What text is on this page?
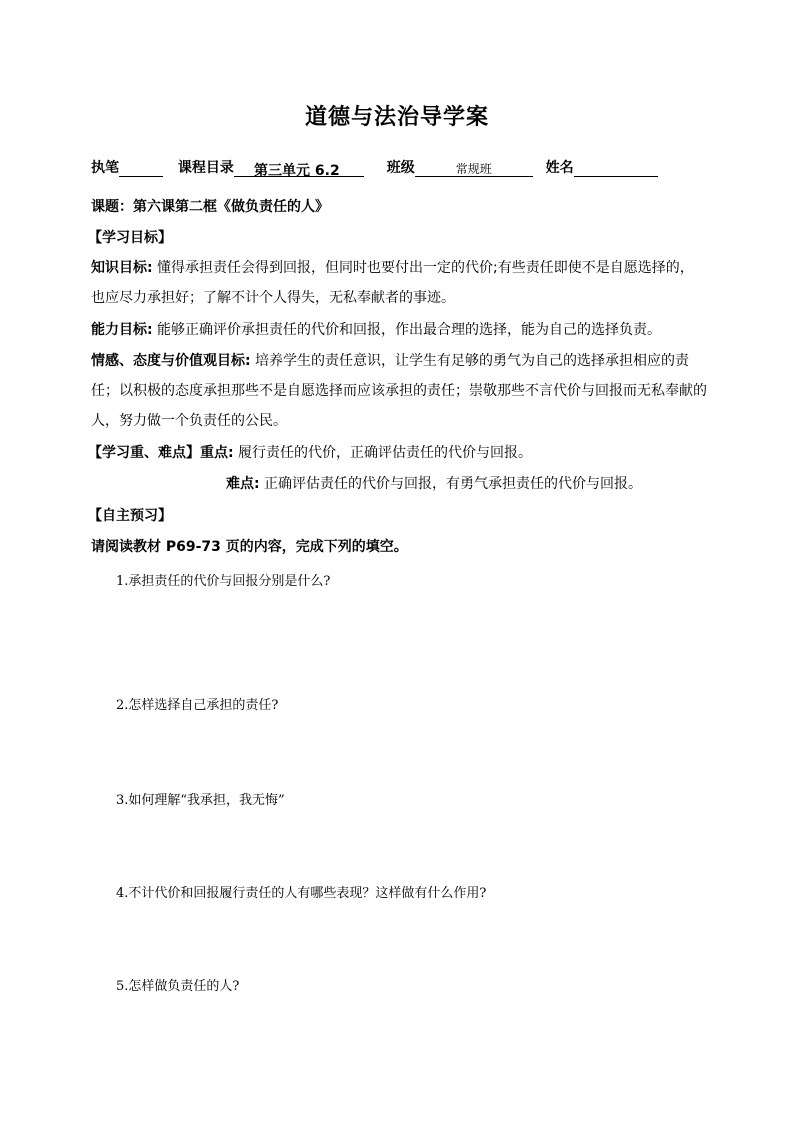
道德与法治导学案
执笔	课程目录 第三单元 6.2	班级	常规班	姓名
课题：第六课第二框《做负责任的人》
【学习目标】
知识目标: 懂得承担责任会得到回报，但同时也要付出一定的代价;有些责任即使不是自愿选择的，也应尽力承担好；了解不计个人得失，无私奉献者的事迹。
能力目标: 能够正确评价承担责任的代价和回报，作出最合理的选择，能为自己的选择负责。
情感、态度与价值观目标: 培养学生的责任意识，让学生有足够的勇气为自己的选择承担相应的责任；以积极的态度承担那些不是自愿选择而应该承担的责任；崇敬那些不言代价与回报而无私奉献的人，努力做一个负责任的公民。
【学习重、难点】重点: 履行责任的代价，正确评估责任的代价与回报。
难点: 正确评估责任的代价与回报，有勇气承担责任的代价与回报。
【自主预习】
请阅读教材 P69-73 页的内容，完成下列的填空。
1.承担责任的代价与回报分别是什么?
2.怎样选择自己承担的责任?
3.如何理解“我承担，我无悔”
4.不计代价和回报履行责任的人有哪些表现？这样做有什么作用?
5.怎样做负责任的人?
